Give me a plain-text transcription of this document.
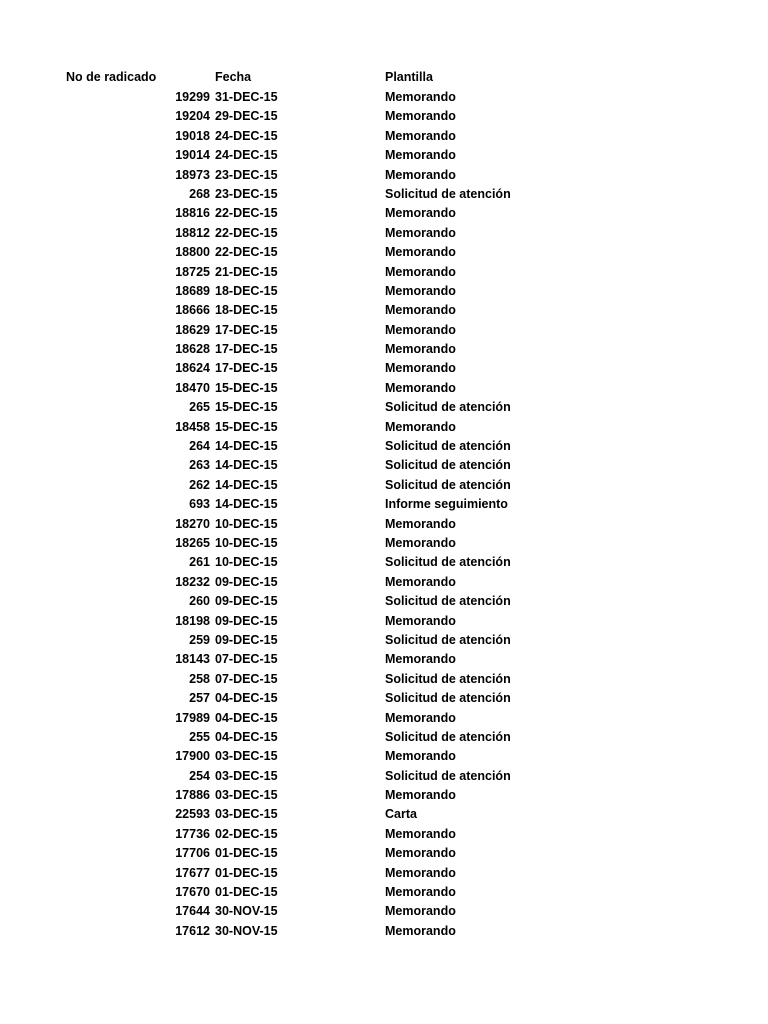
No de radicado	Fecha	Plantilla
19299 31-DEC-15	Memorando
19204 29-DEC-15	Memorando
19018 24-DEC-15	Memorando
19014 24-DEC-15	Memorando
18973 23-DEC-15	Memorando
268 23-DEC-15	Solicitud de atención
18816 22-DEC-15	Memorando
18812 22-DEC-15	Memorando
18800 22-DEC-15	Memorando
18725 21-DEC-15	Memorando
18689 18-DEC-15	Memorando
18666 18-DEC-15	Memorando
18629 17-DEC-15	Memorando
18628 17-DEC-15	Memorando
18624 17-DEC-15	Memorando
18470 15-DEC-15	Memorando
265 15-DEC-15	Solicitud de atención
18458 15-DEC-15	Memorando
264 14-DEC-15	Solicitud de atención
263 14-DEC-15	Solicitud de atención
262 14-DEC-15	Solicitud de atención
693 14-DEC-15	Informe seguimiento
18270 10-DEC-15	Memorando
18265 10-DEC-15	Memorando
261 10-DEC-15	Solicitud de atención
18232 09-DEC-15	Memorando
260 09-DEC-15	Solicitud de atención
18198 09-DEC-15	Memorando
259 09-DEC-15	Solicitud de atención
18143 07-DEC-15	Memorando
258 07-DEC-15	Solicitud de atención
257 04-DEC-15	Solicitud de atención
17989 04-DEC-15	Memorando
255 04-DEC-15	Solicitud de atención
17900 03-DEC-15	Memorando
254 03-DEC-15	Solicitud de atención
17886 03-DEC-15	Memorando
22593 03-DEC-15	Carta
17736 02-DEC-15	Memorando
17706 01-DEC-15	Memorando
17677 01-DEC-15	Memorando
17670 01-DEC-15	Memorando
17644 30-NOV-15	Memorando
17612 30-NOV-15	Memorando
